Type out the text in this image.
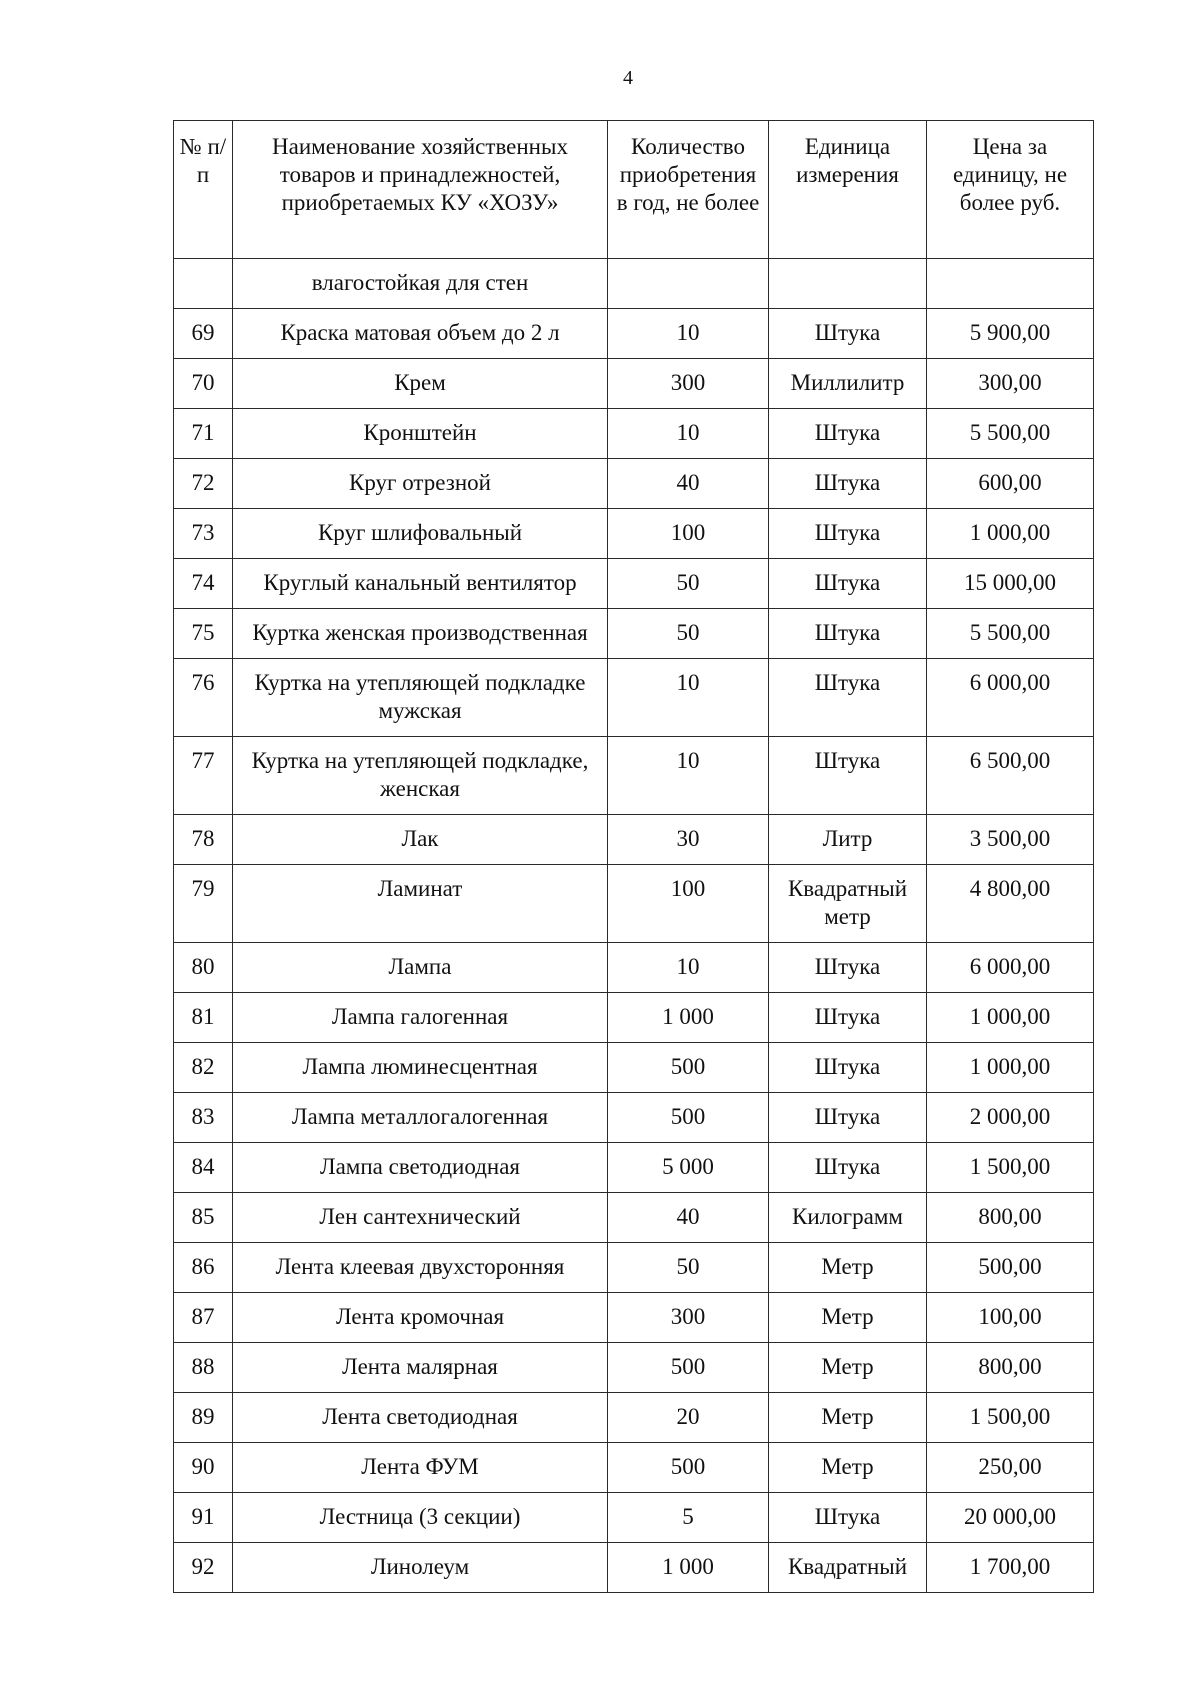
4
№ п/п	Наименование хозяйственных товаров и принадлежностей, приобретаемых КУ «ХОЗУ»	Количество приобретения в год, не более	Единица измерения	Цена за единицу, не более руб.
	влагостойкая для стен			
69	Краска матовая объем до 2 л	10	Штука	5 900,00
70	Крем	300	Миллилитр	300,00
71	Кронштейн	10	Штука	5 500,00
72	Круг отрезной	40	Штука	600,00
73	Круг шлифовальный	100	Штука	1 000,00
74	Круглый канальный вентилятор	50	Штука	15 000,00
75	Куртка женская производственная	50	Штука	5 500,00
76	Куртка на утепляющей подкладке мужская	10	Штука	6 000,00
77	Куртка на утепляющей подкладке, женская	10	Штука	6 500,00
78	Лак	30	Литр	3 500,00
79	Ламинат	100	Квадратный метр	4 800,00
80	Лампа	10	Штука	6 000,00
81	Лампа галогенная	1 000	Штука	1 000,00
82	Лампа люминесцентная	500	Штука	1 000,00
83	Лампа металлогалогенная	500	Штука	2 000,00
84	Лампа светодиодная	5 000	Штука	1 500,00
85	Лен сантехнический	40	Килограмм	800,00
86	Лента клеевая двухсторонняя	50	Метр	500,00
87	Лента кромочная	300	Метр	100,00
88	Лента малярная	500	Метр	800,00
89	Лента светодиодная	20	Метр	1 500,00
90	Лента ФУМ	500	Метр	250,00
91	Лестница (3 секции)	5	Штука	20 000,00
92	Линолеум	1 000	Квадратный	1 700,00
